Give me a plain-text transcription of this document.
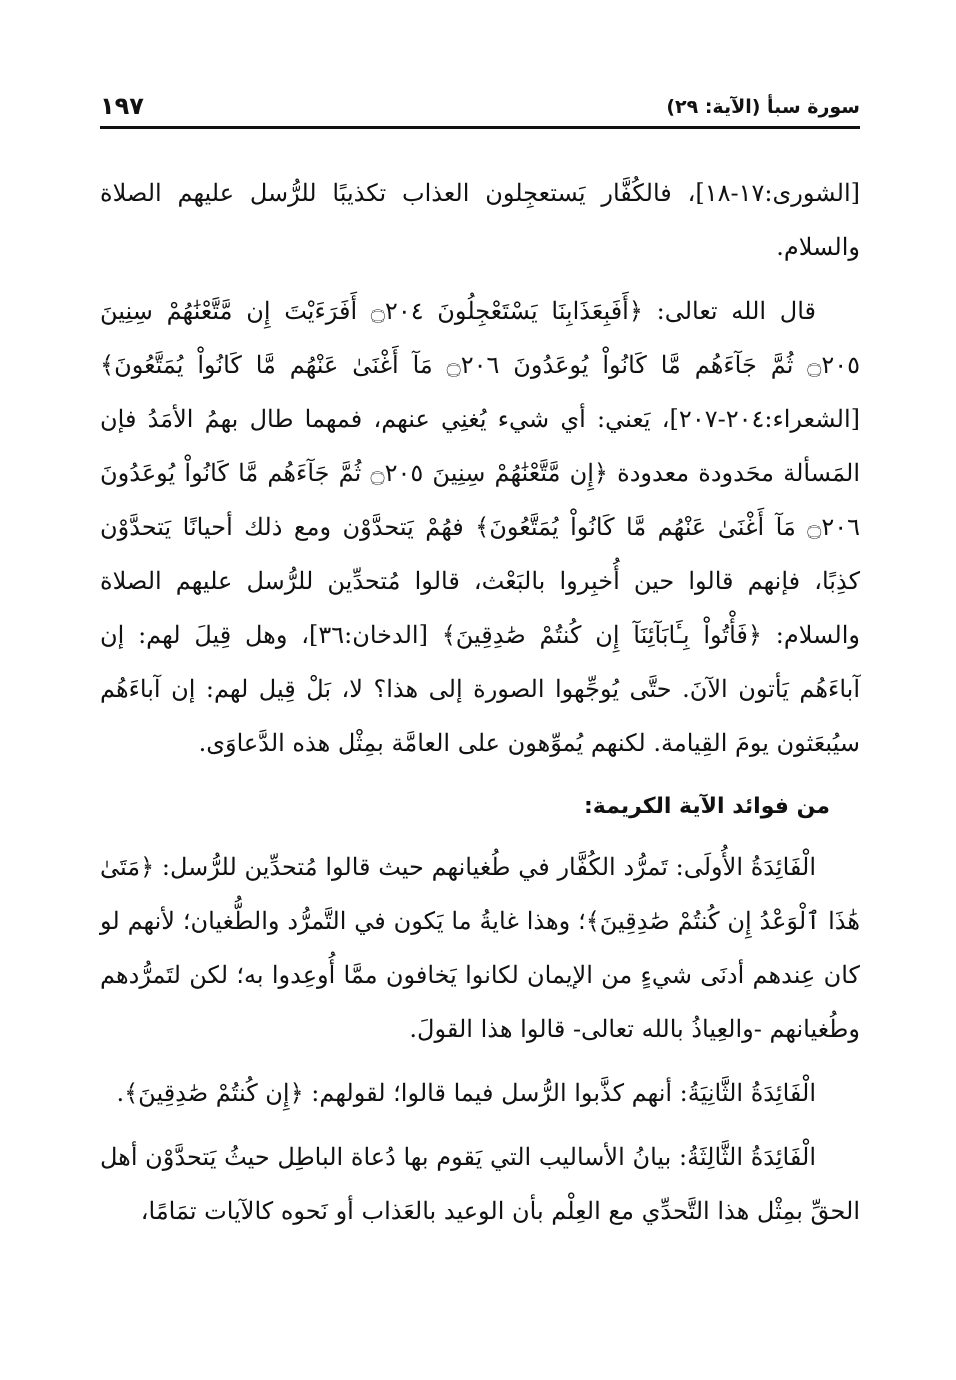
سورة سبأ (الآية: ٢٩)
١٩٧

[الشورى:١٧-١٨]، فالكُفَّار يَستعجِلون العذاب تكذيبًا للرُّسل عليهم الصلاة والسلام.

قال الله تعالى: ﴿أَفَبِعَذَابِنَا يَسْتَعْجِلُونَ ۝٢٠٤ أَفَرَءَيْتَ إِن مَّتَّعْنَٰهُمْ سِنِينَ ۝٢٠٥ ثُمَّ جَآءَهُم مَّا كَانُواْ يُوعَدُونَ ۝٢٠٦ مَآ أَغْنَىٰ عَنْهُم مَّا كَانُواْ يُمَتَّعُونَ﴾ [الشعراء:٢٠٤-٢٠٧]، يَعني: أي شيء يُغنِي عنهم، فمهما طال بهمُ الأمَدُ فإن المَسألة محَدودة معدودة ﴿إِن مَّتَّعْنَٰهُمْ سِنِينَ ۝٢٠٥ ثُمَّ جَآءَهُم مَّا كَانُواْ يُوعَدُونَ ۝٢٠٦ مَآ أَغْنَىٰ عَنْهُم مَّا كَانُواْ يُمَتَّعُونَ﴾ فهُمْ يَتحدَّوْن ومع ذلك أحيانًا يَتحدَّوْن كذِبًا، فإنهم قالوا حين أُخبِروا بالبَعْث، قالوا مُتحدِّين للرُّسل عليهم الصلاة والسلام: ﴿فَأْتُواْ بِـَٔابَآئِنَآ إِن كُنتُمْ صَٰدِقِينَ﴾ [الدخان:٣٦]، وهل قِيلَ لهم: إن آباءَهُم يَأتون الآنَ. حتَّى يُوجِّهوا الصورة إلى هذا؟ لا، بَلْ قِيل لهم: إن آباءَهُم سيُبعَثون يومَ القِيامة. لكنهم يُموِّهون على العامَّة بمِثْل هذه الدَّعاوَى.

من فوائد الآية الكريمة:

الْفَائِدَةُ الأُولَى: تَمرُّد الكُفَّار في طُغيانهم حيث قالوا مُتحدِّين للرُّسل: ﴿مَتَىٰ هَٰذَا ٱلْوَعْدُ إِن كُنتُمْ صَٰدِقِينَ﴾؛ وهذا غايةُ ما يَكون في التَّمرُّد والطُّغيان؛ لأنهم لو كان عِندهم أدنَى شيءٍ من الإيمان لكانوا يَخافون ممَّا أُوعِدوا به؛ لكن لتَمرُّدهم وطُغيانهم -والعِياذُ بالله تعالى- قالوا هذا القولَ.

الْفَائِدَةُ الثَّانِيَةُ: أنهم كذَّبوا الرُّسل فيما قالوا؛ لقولهم: ﴿إِن كُنتُمْ صَٰدِقِينَ﴾.

الْفَائِدَةُ الثَّالِثَةُ: بيانُ الأساليب التي يَقوم بها دُعاة الباطِل حيثُ يَتحدَّوْن أهل الحقِّ بمِثْل هذا التَّحدِّي مع العِلْم بأن الوعيد بالعَذاب أو نَحوه كالآيات تمَامًا،
